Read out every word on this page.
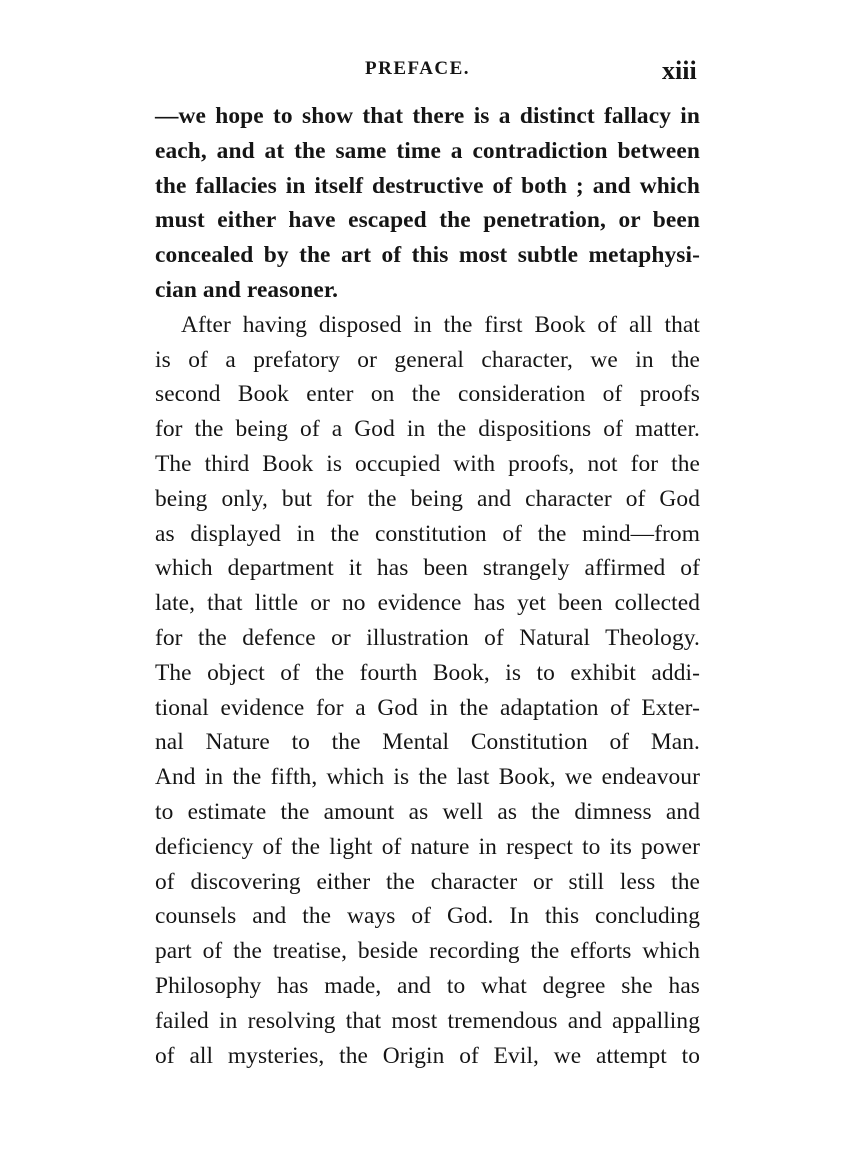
PREFACE.	xiii
—we hope to show that there is a distinct fallacy in
each, and at the same time a contradiction between
the fallacies in itself destructive of both ; and which
must either have escaped the penetration, or been
concealed by the art of this most subtle metaphysi-
cian and reasoner.
After having disposed in the first Book of all that
is of a prefatory or general character, we in the
second Book enter on the consideration of proofs
for the being of a God in the dispositions of matter.
The third Book is occupied with proofs, not for the
being only, but for the being and character of God
as displayed in the constitution of the mind—from
which department it has been strangely affirmed of
late, that little or no evidence has yet been collected
for the defence or illustration of Natural Theology.
The object of the fourth Book, is to exhibit addi-
tional evidence for a God in the adaptation of Exter-
nal Nature to the Mental Constitution of Man.
And in the fifth, which is the last Book, we endeavour
to estimate the amount as well as the dimness and
deficiency of the light of nature in respect to its power
of discovering either the character or still less the
counsels and the ways of God. In this concluding
part of the treatise, beside recording the efforts which
Philosophy has made, and to what degree she has
failed in resolving that most tremendous and appalling
of all mysteries, the Origin of Evil, we attempt to
